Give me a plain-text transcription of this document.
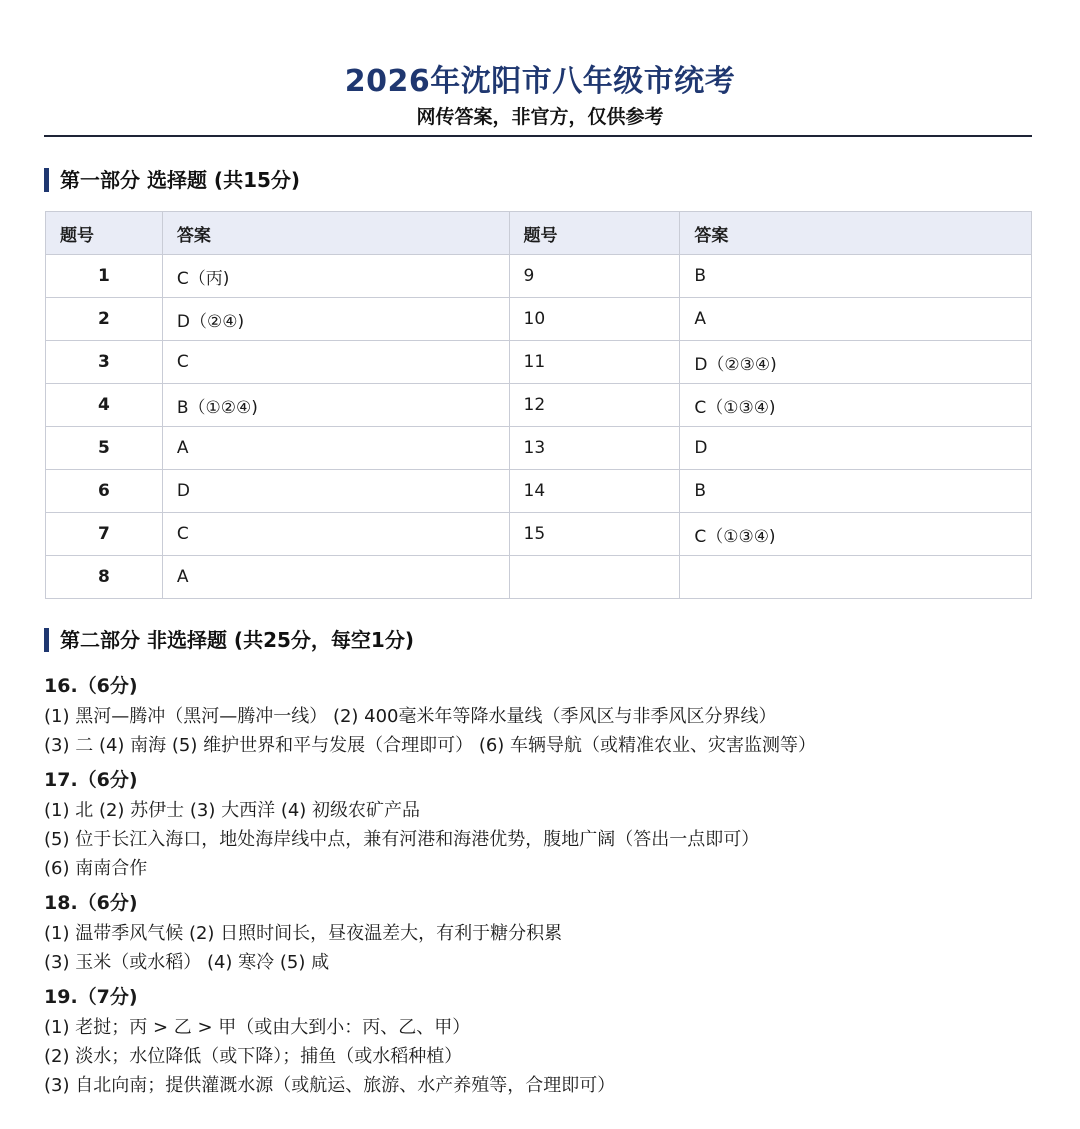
2026年沈阳市八年级市统考
网传答案，非官方，仅供参考
第一部分 选择题 (共15分)
题号	答案	题号	答案
1	C（丙)	9	B
2	D（②④)	10	A
3	C	11	D（②③④)
4	B（①②④)	12	C（①③④)
5	A	13	D
6	D	14	B
7	C	15	C（①③④)
8	A		
第二部分 非选择题 (共25分，每空1分)
16.（6分)
(1) 黑河—腾冲（黑河—腾冲一线） (2) 400毫米年等降水量线（季风区与非季风区分界线）
(3) 二 (4) 南海 (5) 维护世界和平与发展（合理即可） (6) 车辆导航（或精准农业、灾害监测等）
17.（6分)
(1) 北 (2) 苏伊士 (3) 大西洋 (4) 初级农矿产品
(5) 位于长江入海口，地处海岸线中点，兼有河港和海港优势，腹地广阔（答出一点即可）
(6) 南南合作
18.（6分)
(1) 温带季风气候 (2) 日照时间长，昼夜温差大，有利于糖分积累
(3) 玉米（或水稻） (4) 寒冷 (5) 咸
19.（7分)
(1) 老挝；丙 > 乙 > 甲（或由大到小：丙、乙、甲）
(2) 淡水；水位降低（或下降）；捕鱼（或水稻种植）
(3) 自北向南；提供灌溉水源（或航运、旅游、水产养殖等，合理即可）
